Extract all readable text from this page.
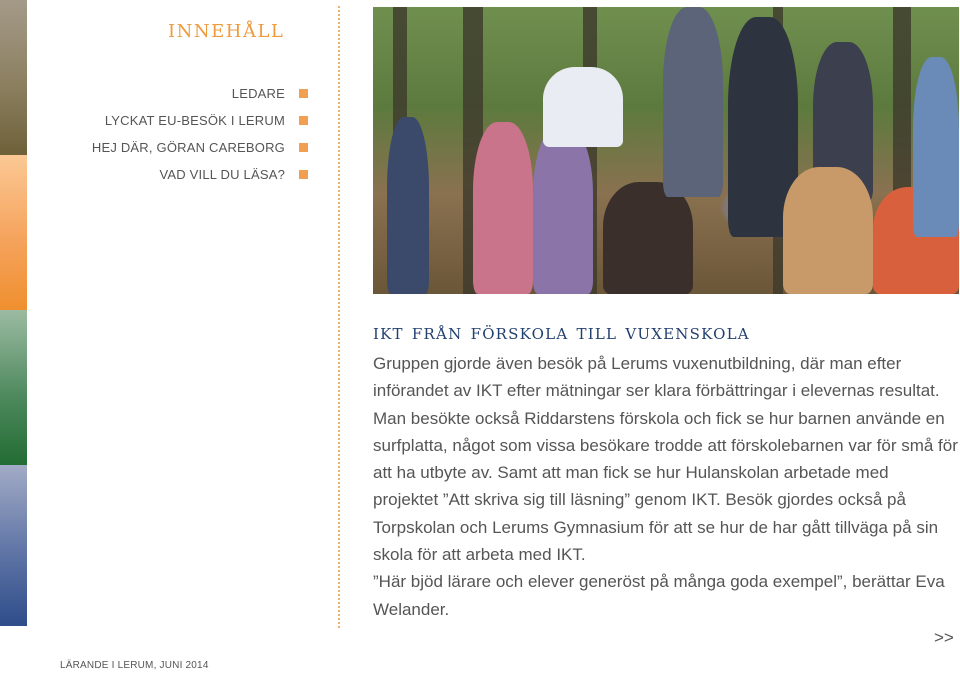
innehåll
LEDARE
LYCKAT EU-BESÖK I LERUM
HEJ DÄR, GÖRAN CAREBORG
VAD VILL DU LÄSA?
LÄRANDE I LERUM, JUNI 2014
ikt från förskola till vuxenskola

Gruppen gjorde även besök på Lerums vuxenutbildning, där man efter införandet av IKT efter mätningar ser klara förbättringar i elevernas resultat. Man besökte också Riddarstens förskola och fick se hur barnen använde en surfplatta, något som vissa besökare trodde att förskolebarnen var för små för att ha utbyte av. Samt att man fick se hur Hulanskolan arbetade med projektet ”Att skriva sig till läsning” genom IKT. Besök gjordes också på Torpskolan och Lerums Gymnasium för att se hur de har gått tillväga på sin skola för att arbeta med IKT.

”Här bjöd lärare och elever generöst på många goda exempel”, berättar Eva Welander.

>>
